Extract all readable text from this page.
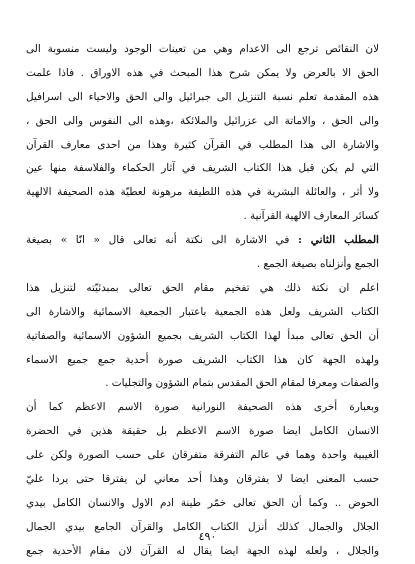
لان النقائص ترجع الى الاعدام وهي من تعينات الوجود وليست منسوبة الى
الحق الا بالعرض ولا يمكن شرح هذا المبحث في هذه الاوراق . فاذا علمت
هذه المقدمة تعلم نسبة التنزيل الى جبرائيل والى الحق والاحياء الى اسرافيل
والى الحق ، والاماتة الى عزرائيل والملائكة ،وهذه الى النفوس والى الحق ،
والاشارة الى هذا المطلب في القرآن كثيرة وهذا من احدى معارف القرآن
التي لم يكن قبل هذا الكتاب الشريف في آثار الحكماء والفلاسفة منها عين
ولا أثر ، والعائلة البشرية في هذه اللطيفة مرهونة لعطيّة هذه الصحيفة الالهية
كسائر المعارف الالهية القرآنية .
المطلب الثاني : في الاشارة الى نكتة أنه تعالى قال « انّا » بصيغة
الجمع وأنزلناه بصيغة الجمع .
اعلم ان نكتة ذلك هي تفخيم مقام الحق تعالى بمبدئيّته لتنزيل هذا
الكتاب الشريف ولعل هذه الجمعية باعتبار الجمعية الاسمائية والاشارة الى
أن الحق تعالى مبدأ لهذا الكتاب الشريف بجميع الشؤون الاسمائية والصفاتية
ولهذه الجهة كان هذا الكتاب الشريف صورة أحدية جمع جميع الاسماء
والصفات ومعرفا لمقام الحق المقدس بتمام الشؤون والتجليات .
وبعبارة أخرى هذه الصحيفة النورانية صورة الاسم الاعظم كما أن
الانسان الكامل ايضا صورة الاسم الاعظم بل حقيقة هذين في الحضرة
الغيبية واحدة وهما في عالم التفرقة متفرقان على حسب الصورة ولكن على
حسب المعنى ايضا لا يفترقان وهذا أحد معاني لن يفترقا حتى يردا عليّ
الحوض .. وكما أن الحق تعالى خمّر طينة ادم الاول والانسان الكامل بيدي
الجلال والجمال كذلك أنزل الكتاب الكامل والقرآن الجامع بيدي الجمال
والجلال ، ولعله لهذه الجهة ايضا يقال له القرآن لان مقام الأحدية جمع
٤٩٠
